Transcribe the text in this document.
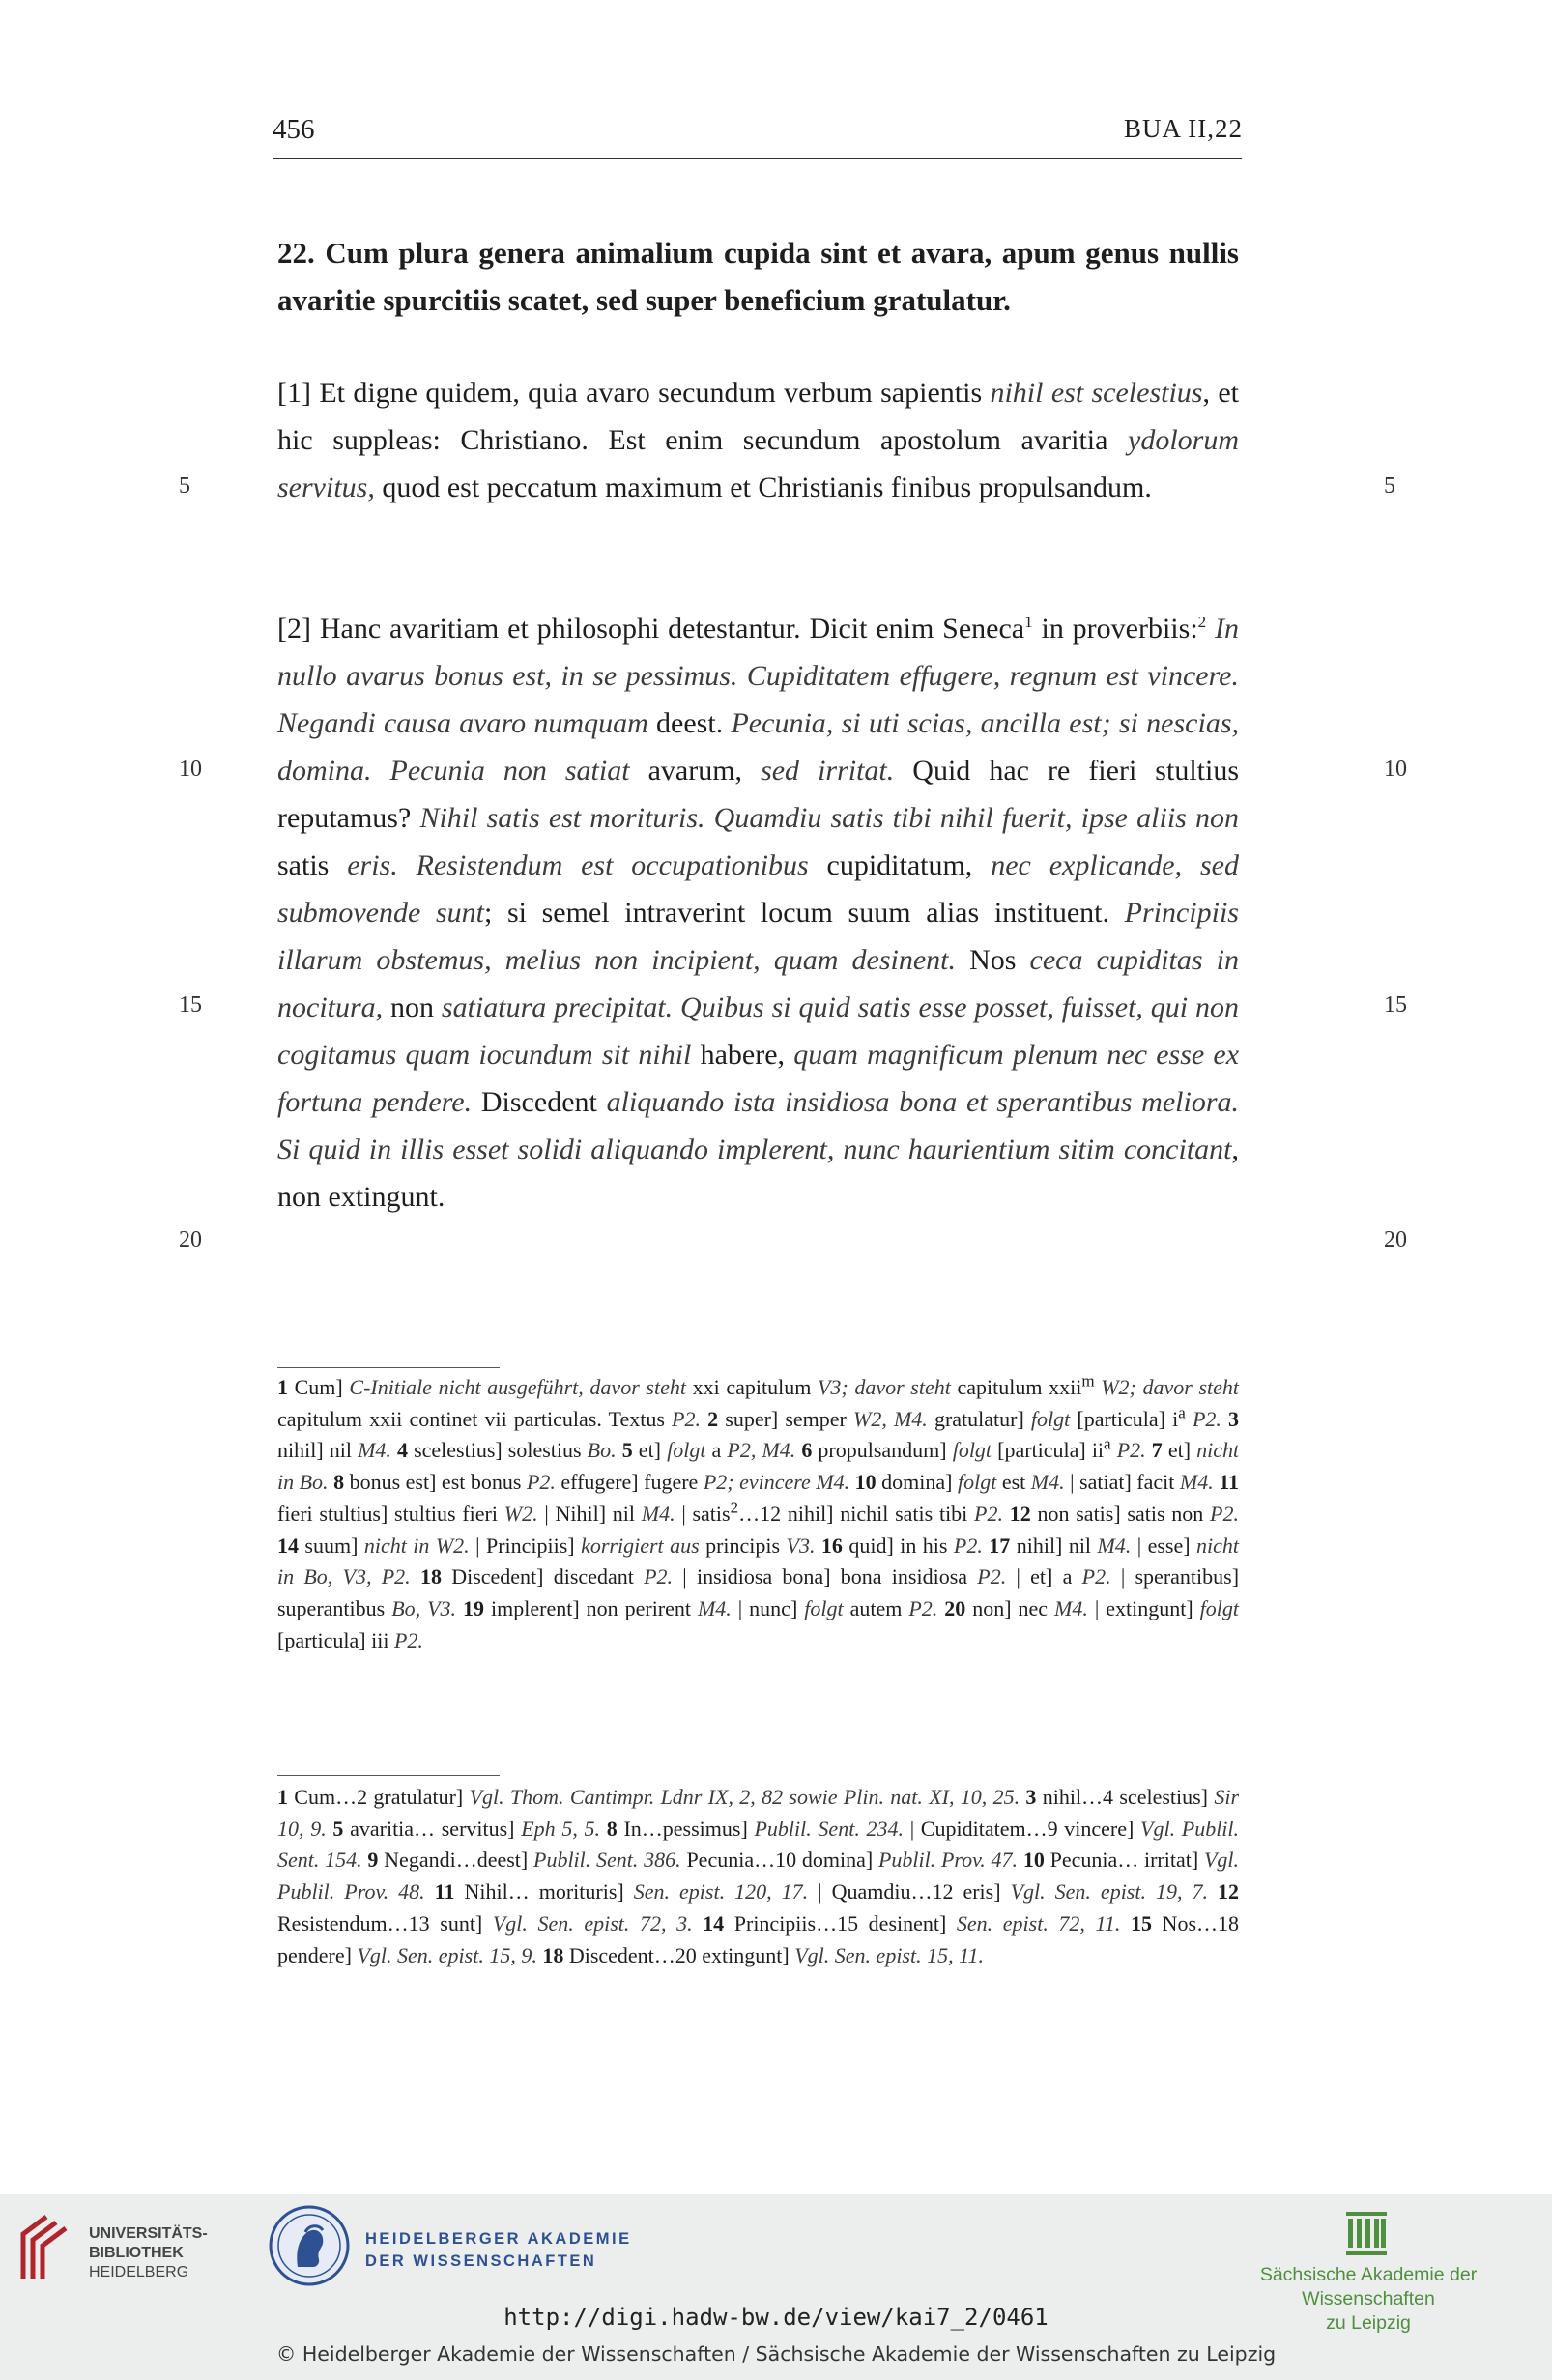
456	BUA II,22
22. Cum plura genera animalium cupida sint et avara, apum genus nullis avaritie spurcitiis scatet, sed super beneficium gratulatur.

[1] Et digne quidem, quia avaro secundum verbum sapientis nihil est scelestius, et hic suppleas: Christiano. Est enim secundum apostolum avaritia ydolorum servitus, quod est peccatum maximum et Christianis finibus propulsandum.

[2] Hanc avaritiam et philosophi detestantur. Dicit enim Seneca$^1$ in proverbiis:$^2$ In nullo avarus bonus est, in se pessimus. Cupiditatem effugere, regnum est vincere. Negandi causa avaro numquam deest. Pecunia, si uti scias, ancilla est; si nescias, domina. Pecunia non satiat avarum, sed irritat. Quid hac re fieri stultius reputamus? Nihil satis est morituris. Quamdiu satis tibi nihil fuerit, ipse aliis non satis eris. Resistendum est occupationibus cupiditatum, nec explicande, sed submovende sunt; si semel intraverint locum suum alias instituent. Principiis illarum obstemus, melius non incipient, quam desinent. Nos ceca cupiditas in nocitura, non satiatura precipitat. Quibus si quid satis esse posset, fuisset, qui non cogitamus quam iocundum sit nihil habere, quam magnificum plenum nec esse ex fortuna pendere. Discedent aliquando ista insidiosa bona et sperantibus meliora. Si quid in illis esset solidi aliquando implerent, nunc haurientium sitim concitant, non extingunt.

5	5
10	10
15	15
20	20

1 Cum] C-Initiale nicht ausgeführt, davor steht xxi capitulum V3; davor steht capitulum xxii$^m$ W2; davor steht capitulum xxii continet vii particulas. Textus P2. 2 super] semper W2, M4. gratulatur] folgt [particula] $i^a$ P2. 3 nihil] nil M4. 4 scelestius] solestius Bo. 5 et] folgt a P2, M4. 6 propulsandum] folgt [particula] $ii^a$ P2. 7 et] nicht in Bo. 8 bonus est] est bonus P2. effugere] fugere P2; evincere M4. 10 domina] folgt est M4. | satiat] facit M4. 11 fieri stultius] stultius fieri W2. | Nihil] nil M4. | satis$^2$…12 nihil] nichil satis tibi P2. 12 non satis] satis non P2. 14 suum] nicht in W2. | Principiis] korrigiert aus principis V3. 16 quid] in his P2. 17 nihil] nil M4. | esse] nicht in Bo, V3, P2. 18 Discedent] discedant P2. | insidiosa bona] bona insidiosa P2. | et] a P2. | sperantibus] superantibus Bo, V3. 19 implerent] non perirent M4. | nunc] folgt autem P2. 20 non] nec M4. | extingunt] folgt [particula] iii P2.

1 Cum…2 gratulatur] Vgl. Thom. Cantimpr. Ldnr IX, 2, 82 sowie Plin. nat. XI, 10, 25. 3 nihil…4 scelestius] Sir 10, 9. 5 avaritia… servitus] Eph 5, 5. 8 In…pessimus] Publil. Sent. 234. | Cupiditatem…9 vincere] Vgl. Publil. Sent. 154. 9 Negandi…deest] Publil. Sent. 386. Pecunia…10 domina] Publil. Prov. 47. 10 Pecunia… irritat] Vgl. Publil. Prov. 48. 11 Nihil… morituris] Sen. epist. 120, 17. | Quamdiu…12 eris] Vgl. Sen. epist. 19, 7. 12 Resistendum…13 sunt] Vgl. Sen. epist. 72, 3. 14 Principiis…15 desinent] Sen. epist. 72, 11. 15 Nos…18 pendere] Vgl. Sen. epist. 15, 9. 18 Discedent…20 extingunt] Vgl. Sen. epist. 15, 11.

UNIVERSITÄTS-
BIBLIOTHEK
HEIDELBERG
HEIDELBERGER AKADEMIE
DER WISSENSCHAFTEN
Sächsische Akademie der Wissenschaften
zu Leipzig
http://digi.hadw-bw.de/view/kai7_2/0461
© Heidelberger Akademie der Wissenschaften / Sächsische Akademie der Wissenschaften zu Leipzig
